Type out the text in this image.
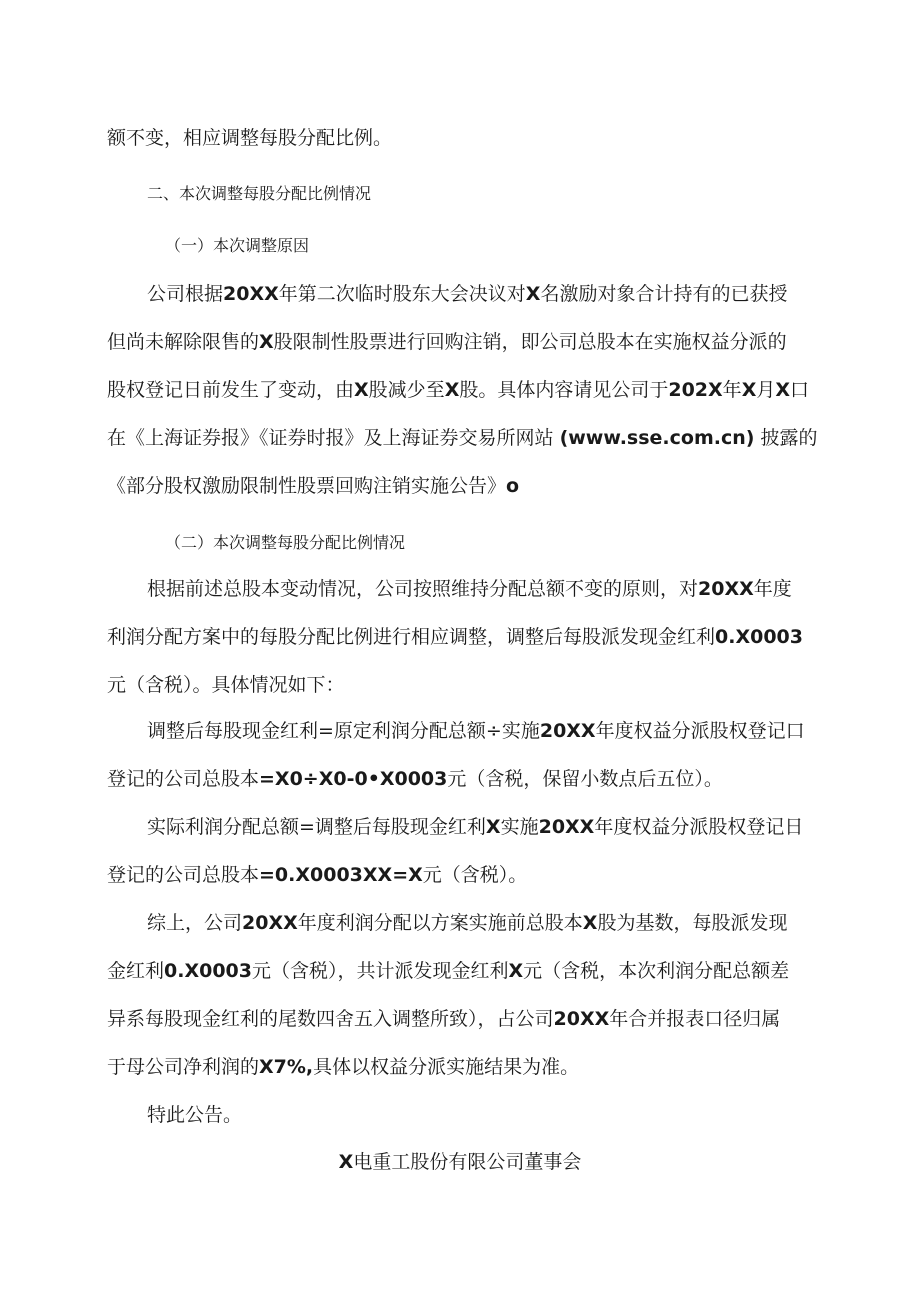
额不变，相应调整每股分配比例。
二、本次调整每股分配比例情况
（一）本次调整原因
公司根据20XX年第二次临时股东大会决议对X名激励对象合计持有的已获授
但尚未解除限售的X股限制性股票进行回购注销，即公司总股本在实施权益分派的
股权登记日前发生了变动，由X股减少至X股。具体内容请见公司于202X年X月X口
在《上海证券报》《证券时报》及上海证券交易所网站 (www.sse.com.cn) 披露的
《部分股权激励限制性股票回购注销实施公告》o
（二）本次调整每股分配比例情况
根据前述总股本变动情况，公司按照维持分配总额不变的原则，对20XX年度
利润分配方案中的每股分配比例进行相应调整，调整后每股派发现金红利0.X0003
元（含税）。具体情况如下：
调整后每股现金红利=原定利润分配总额÷实施20XX年度权益分派股权登记口
登记的公司总股本=X0÷X0-0•X0003元（含税，保留小数点后五位）。
实际利润分配总额=调整后每股现金红利X实施20XX年度权益分派股权登记日
登记的公司总股本=0.X0003XX=X元（含税）。
综上，公司20XX年度利润分配以方案实施前总股本X股为基数，每股派发现
金红利0.X0003元（含税），共计派发现金红利X元（含税，本次利润分配总额差
异系每股现金红利的尾数四舍五入调整所致），占公司20XX年合并报表口径归属
于母公司净利润的X7%,具体以权益分派实施结果为准。
特此公告。
X电重工股份有限公司董事会
